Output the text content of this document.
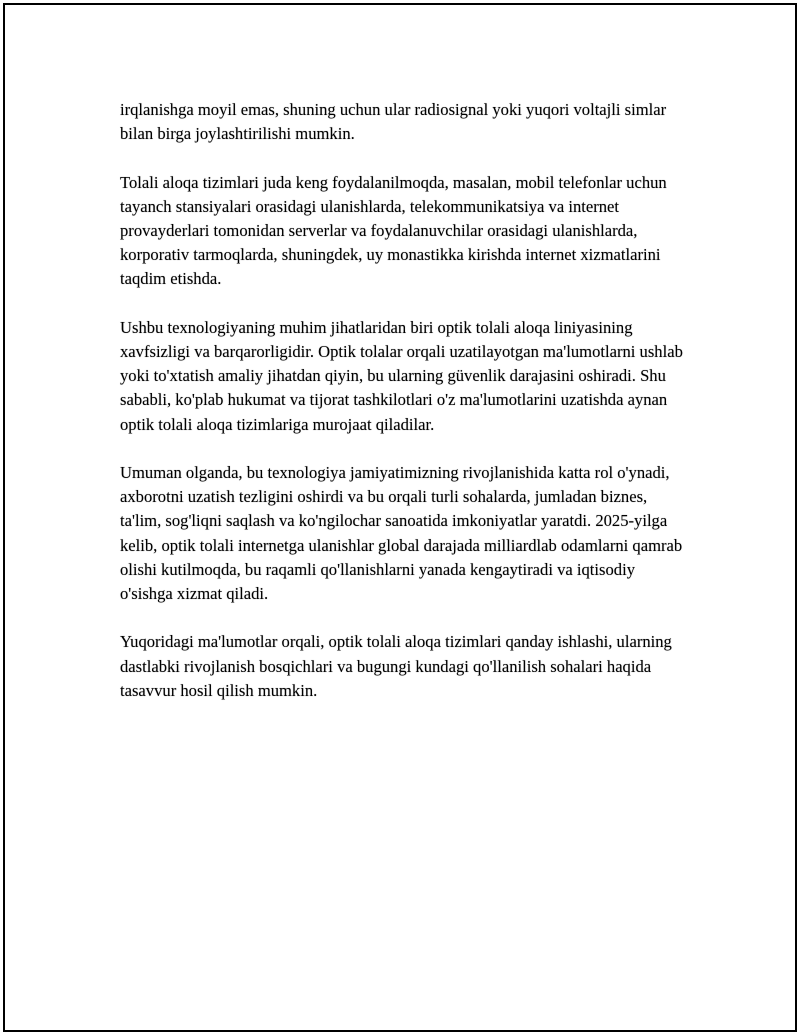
irqlanishga moyil emas, shuning uchun ular radiosignal yoki yuqori voltajli simlar bilan birga joylashtirilishi mumkin.

Tolali aloqa tizimlari juda keng foydalanilmoqda, masalan, mobil telefonlar uchun tayanch stansiyalari orasidagi ulanishlarda, telekommunikatsiya va internet provayderlari tomonidan serverlar va foydalanuvchilar orasidagi ulanishlarda, korporativ tarmoqlarda, shuningdek, uy monastikka kirishda internet xizmatlarini taqdim etishda.

Ushbu texnologiyaning muhim jihatlaridan biri optik tolali aloqa liniyasining xavfsizligi va barqarorligidir. Optik tolalar orqali uzatilayotgan ma'lumotlarni ushlab yoki to'xtatish amaliy jihatdan qiyin, bu ularning güvenlik darajasini oshiradi. Shu sababli, ko'plab hukumat va tijorat tashkilotlari o'z ma'lumotlarini uzatishda aynan optik tolali aloqa tizimlariga murojaat qiladilar.

Umuman olganda, bu texnologiya jamiyatimizning rivojlanishida katta rol o'ynadi, axborotni uzatish tezligini oshirdi va bu orqali turli sohalarda, jumladan biznes, ta'lim, sog'liqni saqlash va ko'ngilochar sanoatida imkoniyatlar yaratdi. 2025-yilga kelib, optik tolali internetga ulanishlar global darajada milliardlab odamlarni qamrab olishi kutilmoqda, bu raqamli qo'llanishlarni yanada kengaytiradi va iqtisodiy o'sishga xizmat qiladi.

Yuqoridagi ma'lumotlar orqali, optik tolali aloqa tizimlari qanday ishlashi, ularning dastlabki rivojlanish bosqichlari va bugungi kundagi qo'llanilish sohalari haqida tasavvur hosil qilish mumkin.
